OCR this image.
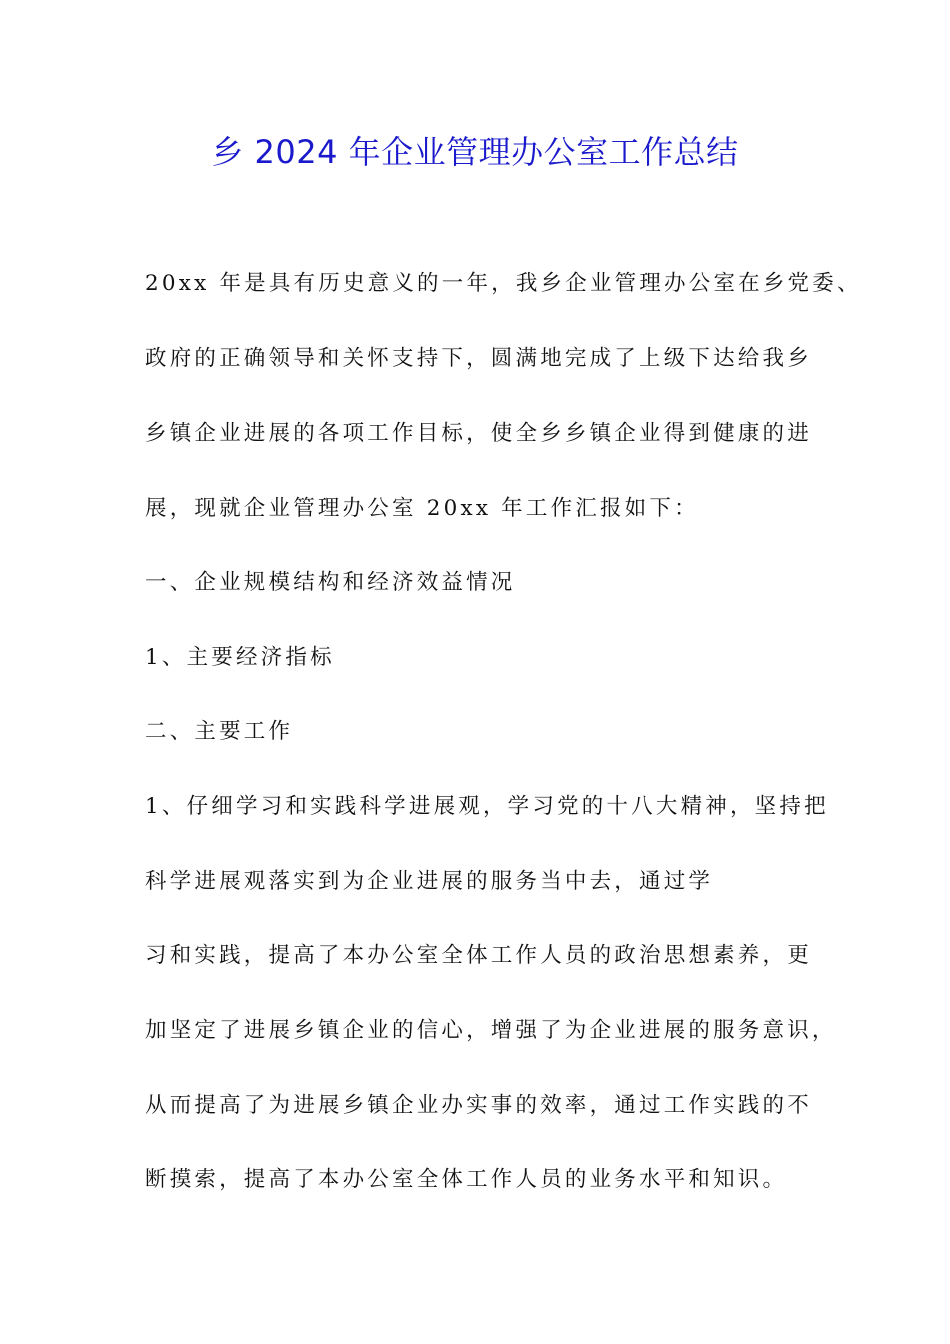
乡 2024 年企业管理办公室工作总结
20xx 年是具有历史意义的一年，我乡企业管理办公室在乡党委、
政府的正确领导和关怀支持下，圆满地完成了上级下达给我乡
乡镇企业进展的各项工作目标，使全乡乡镇企业得到健康的进
展，现就企业管理办公室 20xx 年工作汇报如下：
一、企业规模结构和经济效益情况
1、主要经济指标
二、主要工作
1、仔细学习和实践科学进展观，学习党的十八大精神，坚持把
科学进展观落实到为企业进展的服务当中去，通过学
习和实践，提高了本办公室全体工作人员的政治思想素养，更
加坚定了进展乡镇企业的信心，增强了为企业进展的服务意识，
从而提高了为进展乡镇企业办实事的效率，通过工作实践的不
断摸索，提高了本办公室全体工作人员的业务水平和知识。
